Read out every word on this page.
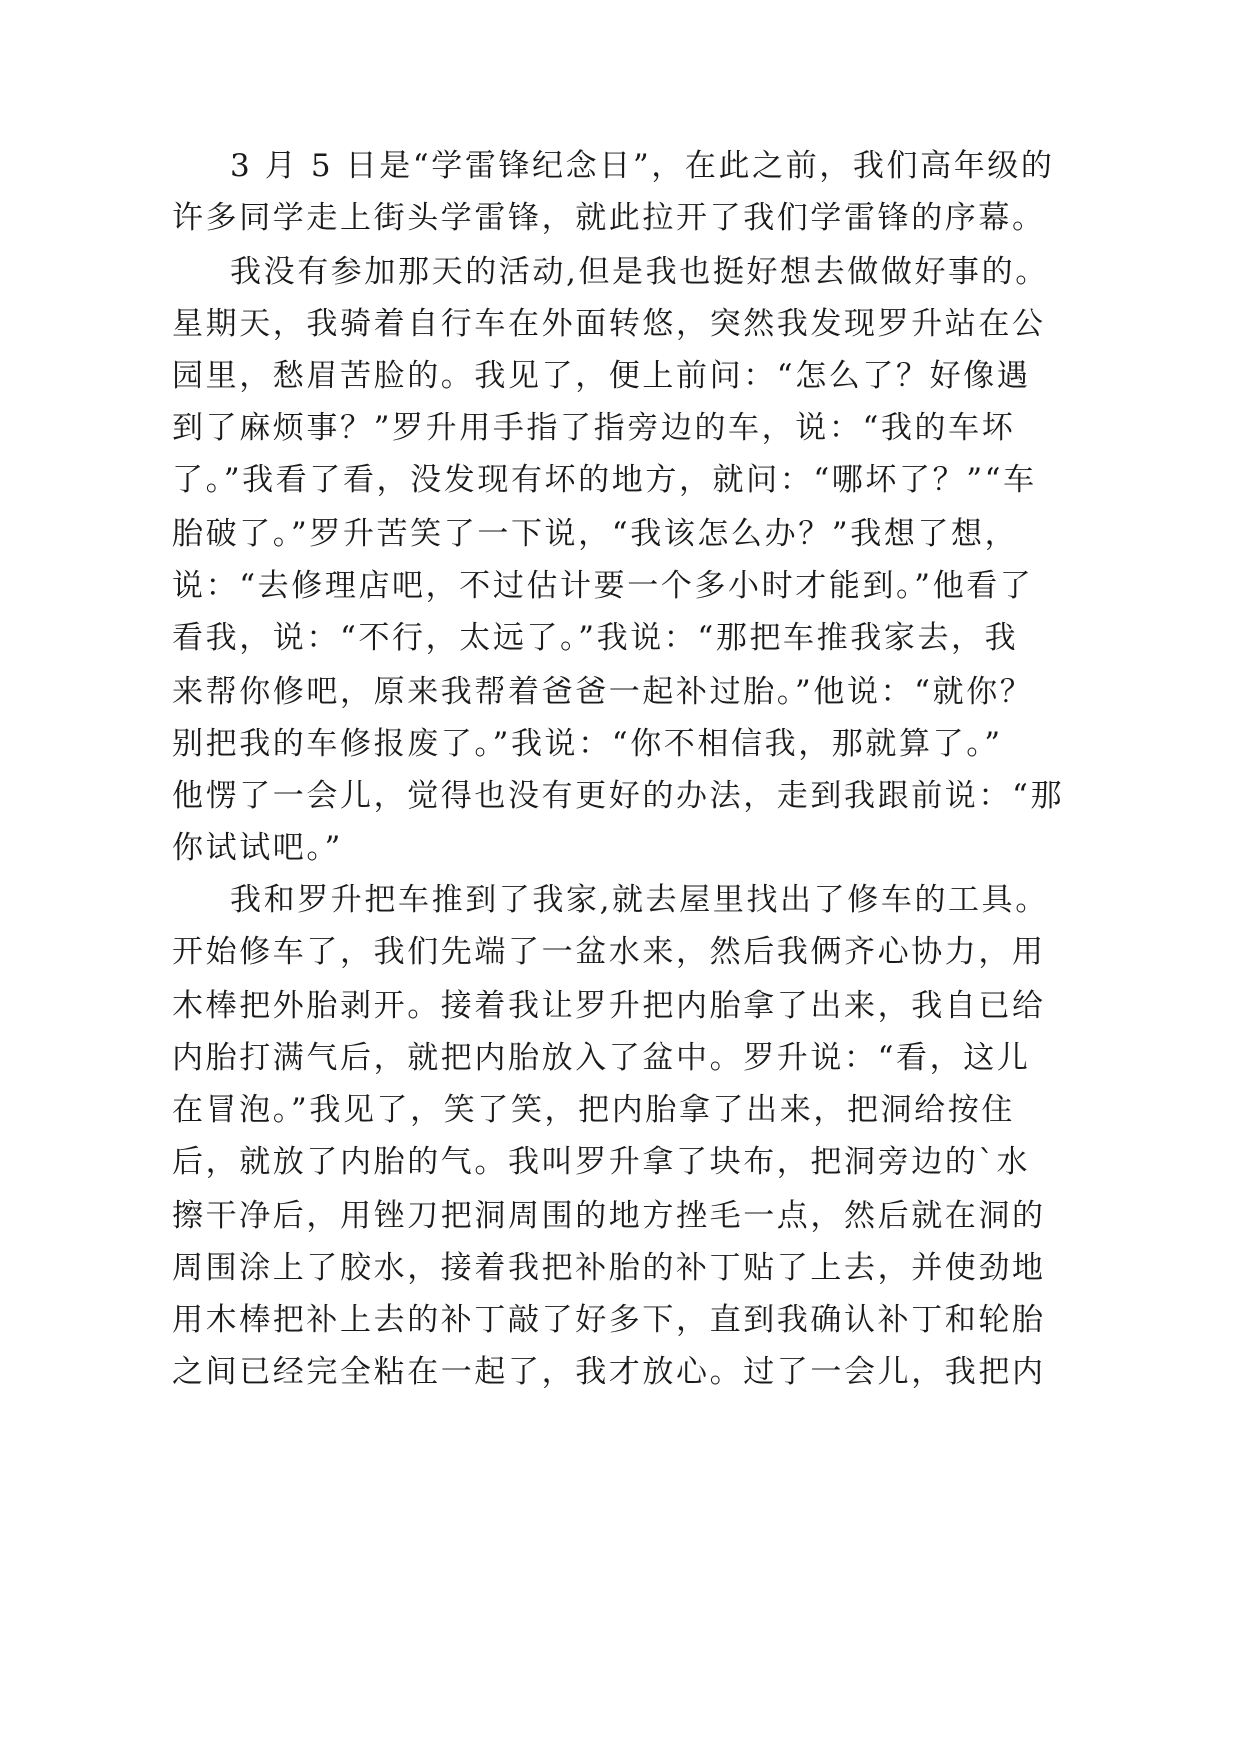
3 月 5 日是“学雷锋纪念日”，在此之前，我们高年级的
许多同学走上街头学雷锋，就此拉开了我们学雷锋的序幕。
我没有参加那天的活动,但是我也挺好想去做做好事的。
星期天，我骑着自行车在外面转悠，突然我发现罗升站在公
园里，愁眉苦脸的。我见了，便上前问：“怎么了？好像遇
到了麻烦事？”罗升用手指了指旁边的车，说：“我的车坏
了。”我看了看，没发现有坏的地方，就问：“哪坏了？”“车
胎破了。”罗升苦笑了一下说，“我该怎么办？”我想了想，
说：“去修理店吧，不过估计要一个多小时才能到。”他看了
看我，说：“不行，太远了。”我说：“那把车推我家去，我
来帮你修吧，原来我帮着爸爸一起补过胎。”他说：“就你？
别把我的车修报废了。”我说：“你不相信我，那就算了。”
他愣了一会儿，觉得也没有更好的办法，走到我跟前说：“那
你试试吧。”
我和罗升把车推到了我家,就去屋里找出了修车的工具。
开始修车了，我们先端了一盆水来，然后我俩齐心协力，用
木棒把外胎剥开。接着我让罗升把内胎拿了出来，我自已给
内胎打满气后，就把内胎放入了盆中。罗升说：“看，这儿
在冒泡。”我见了，笑了笑，把内胎拿了出来，把洞给按住
后，就放了内胎的气。我叫罗升拿了块布，把洞旁边的`水
擦干净后，用锉刀把洞周围的地方挫毛一点，然后就在洞的
周围涂上了胶水，接着我把补胎的补丁贴了上去，并使劲地
用木棒把补上去的补丁敲了好多下，直到我确认补丁和轮胎
之间已经完全粘在一起了，我才放心。过了一会儿，我把内
